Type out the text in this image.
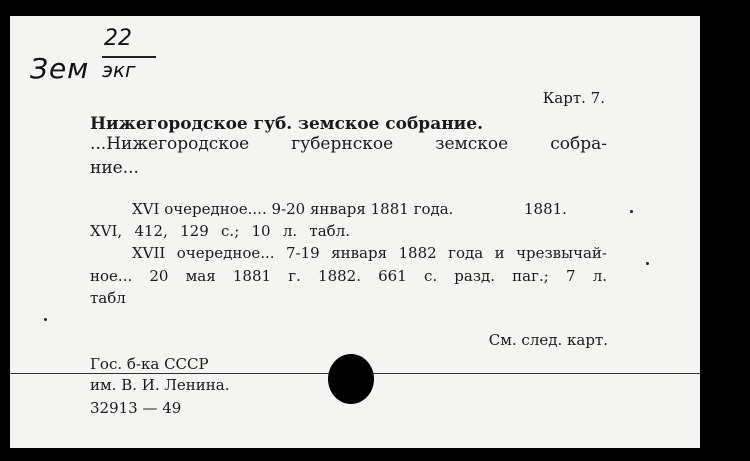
Зем
22
экг
Карт. 7.
Нижегородское губ. земское собрание.
...Нижегородское губернское земское собра-
ние...
XVI очередное.... 9-20 января 1881 года.	1881.
XVI, 412, 129 с.; 10 л. табл.
XVII очередное... 7-19 января 1882 года и чрезвычай-
ное... 20 мая 1881 г. 1882. 661 с. разд. паг.; 7 л.
табл
См. след. карт.
Гос. б-ка СССР
им. В. И. Ленина.
32913 — 49
